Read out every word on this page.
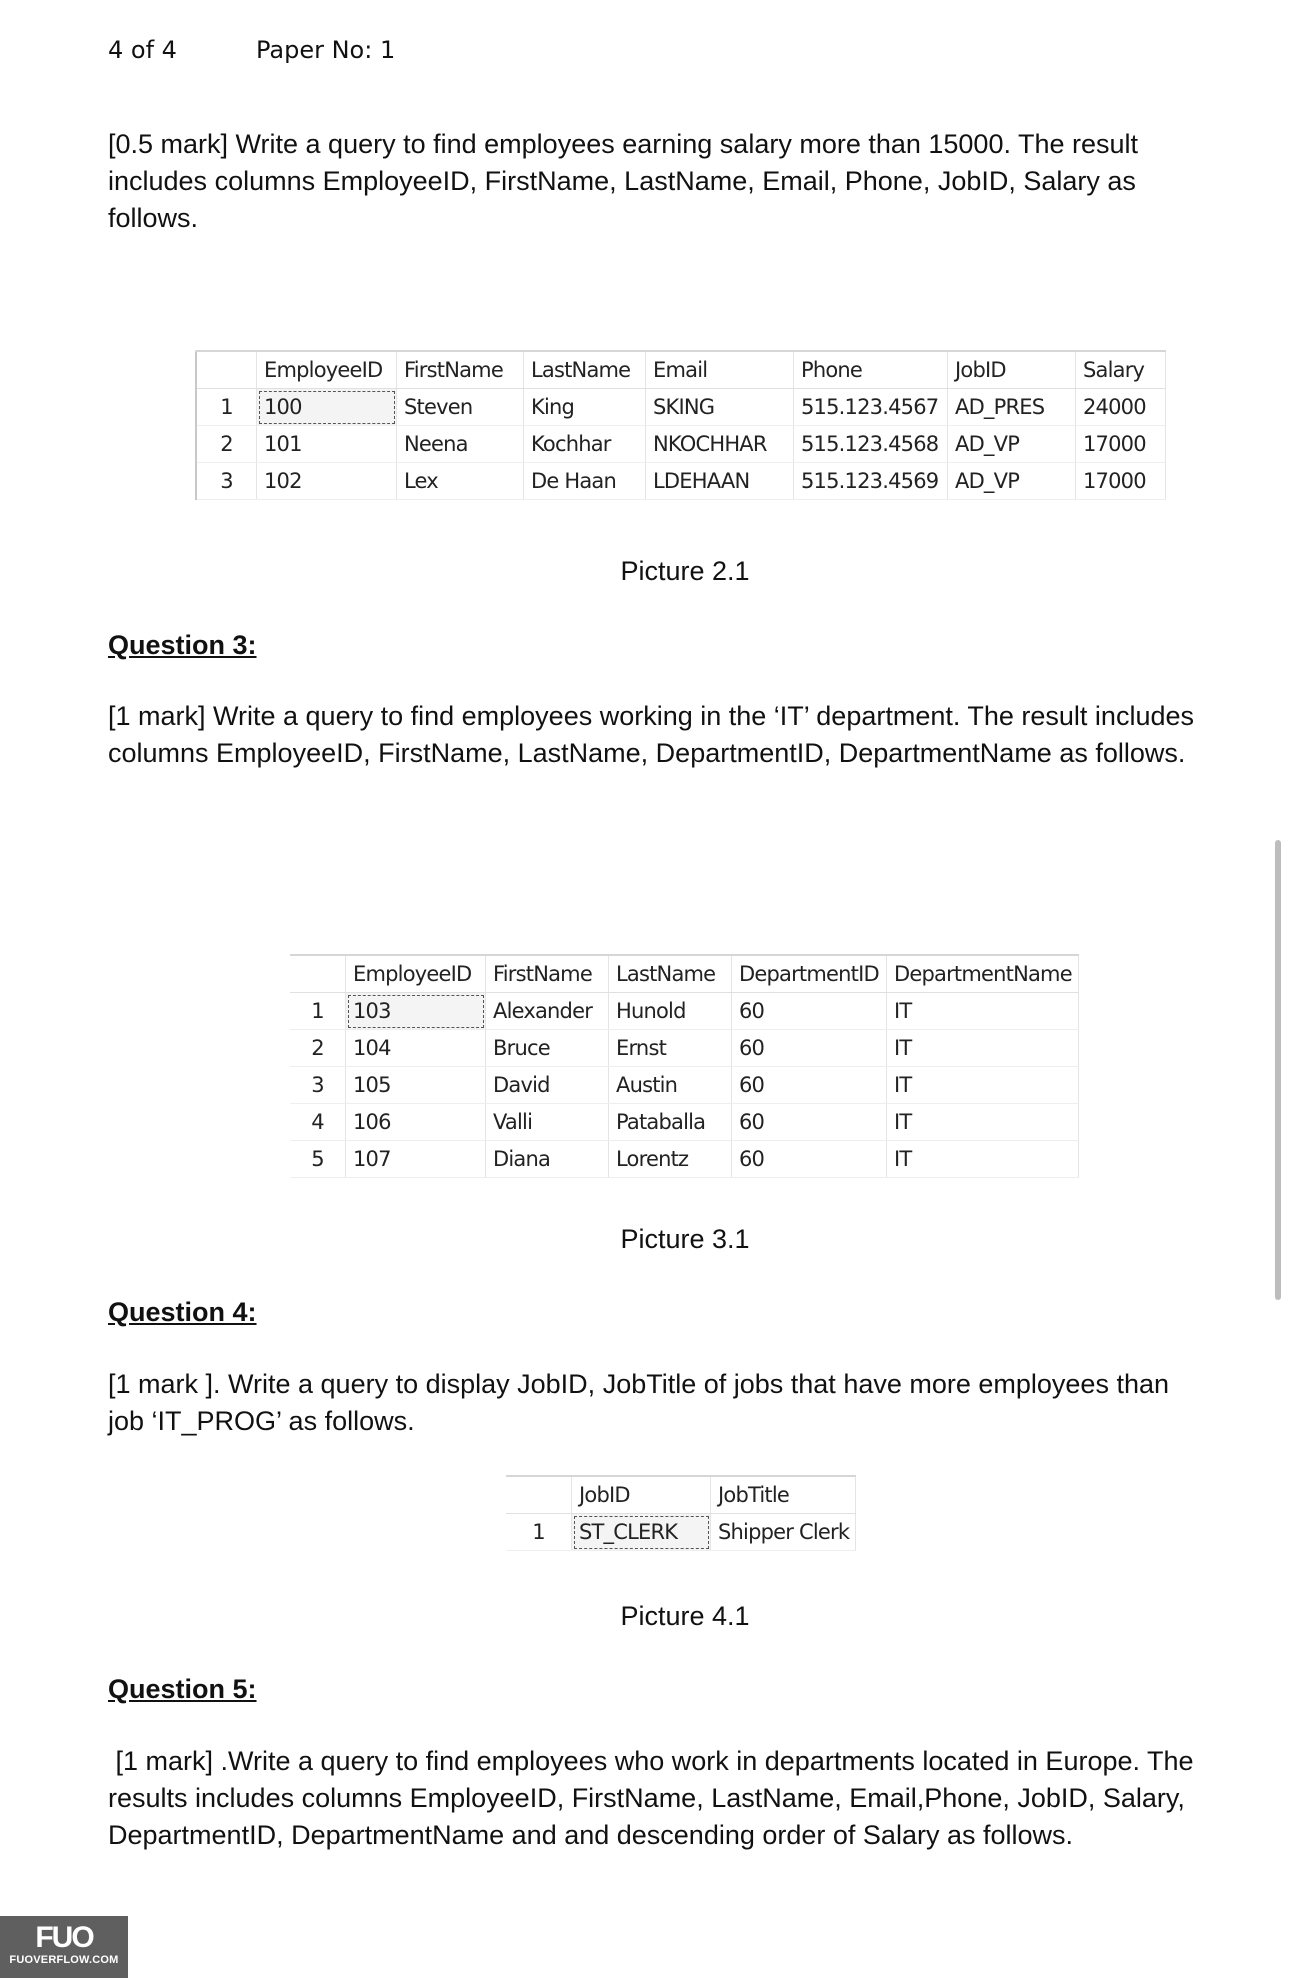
4 of 4	Paper No: 1
[0.5 mark] Write a query to find employees earning salary more than 15000. The result
includes columns EmployeeID, FirstName, LastName, Email, Phone, JobID, Salary as
follows.
	EmployeeID	FirstName	LastName	Email	Phone	JobID	Salary
1	100	Steven	King	SKING	515.123.4567	AD_PRES	24000
2	101	Neena	Kochhar	NKOCHHAR	515.123.4568	AD_VP	17000
3	102	Lex	De Haan	LDEHAAN	515.123.4569	AD_VP	17000
Picture 2.1
Question 3:
[1 mark] Write a query to find employees working in the ‘IT’ department. The result includes
columns EmployeeID, FirstName, LastName, DepartmentID, DepartmentName as follows.
	EmployeeID	FirstName	LastName	DepartmentID	DepartmentName
1	103	Alexander	Hunold	60	IT
2	104	Bruce	Ernst	60	IT
3	105	David	Austin	60	IT
4	106	Valli	Pataballa	60	IT
5	107	Diana	Lorentz	60	IT
Picture 3.1
Question 4:
[1 mark ]. Write a query to display JobID, JobTitle of jobs that have more employees than
job ‘IT_PROG’ as follows.
	JobID	JobTitle
1	ST_CLERK	Shipper Clerk
Picture 4.1
Question 5:
[1 mark] .Write a query to find employees who work in departments located in Europe. The
results includes columns EmployeeID, FirstName, LastName, Email,Phone, JobID, Salary,
DepartmentID, DepartmentName and and descending order of Salary as follows.
FUO
FUOVERFLOW.COM
